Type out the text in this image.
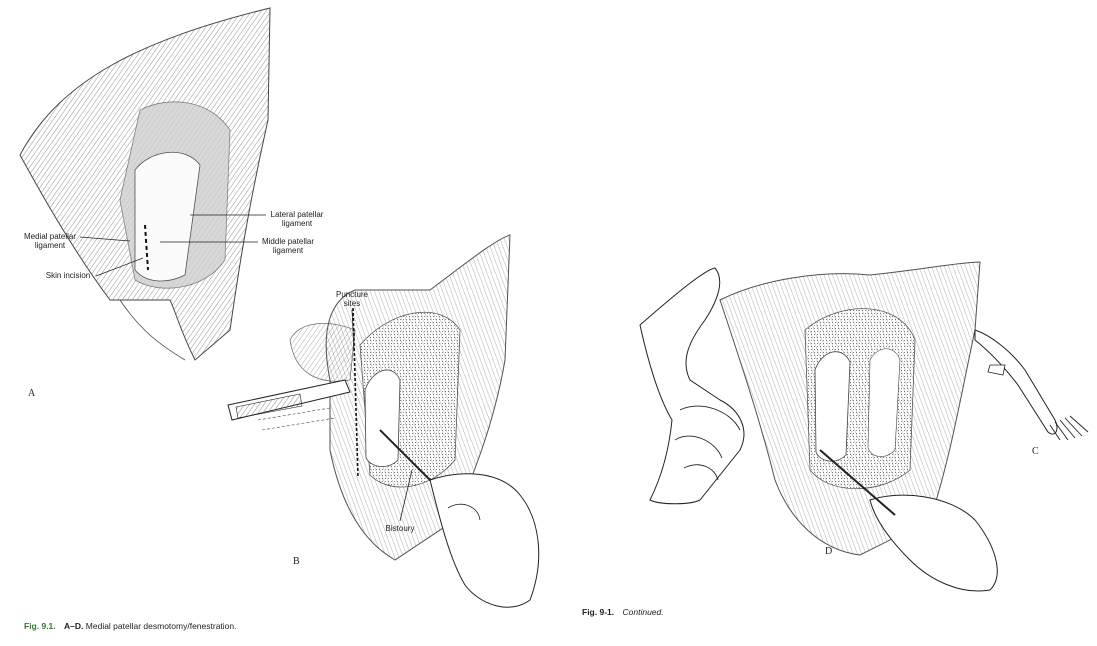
Lateral patellar
ligament
Middle patellar
ligament
Medial patellar
ligament
Skin incision
Puncture
sites
Bistoury
A
B
C
D
Fig. 9.1. A–D. Medial patellar desmotomy/fenestration.
Fig. 9-1. Continued.
